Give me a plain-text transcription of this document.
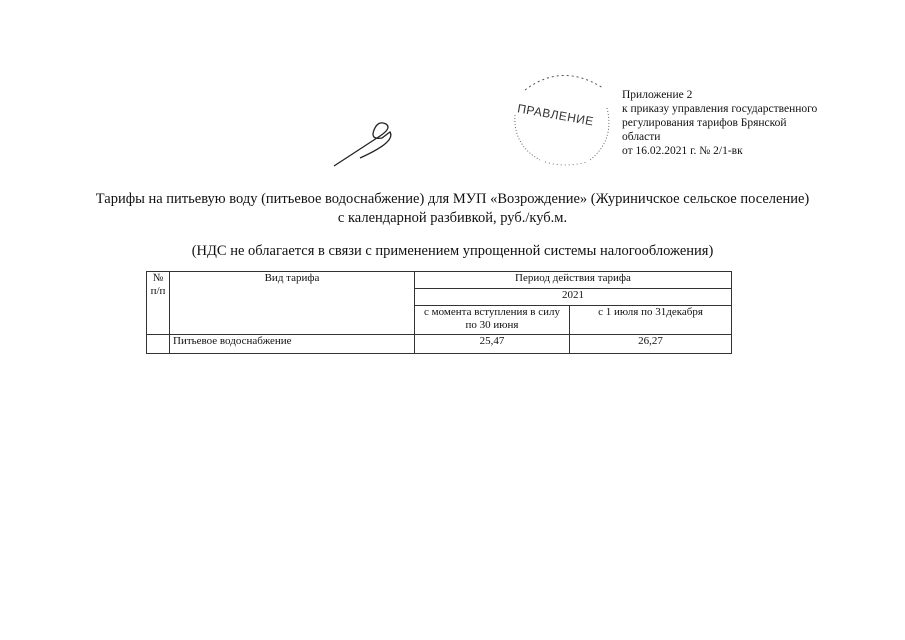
ПРАВЛЕНИЕ
Приложение 2
к приказу управления государственного
регулирования тарифов Брянской
области
от 16.02.2021 г. № 2/1-вк
Тарифы на питьевую воду (питьевое водоснабжение) для МУП «Возрождение» (Журиничское сельское поселение)
с календарной разбивкой, руб./куб.м.
(НДС не облагается в связи с применением упрощенной системы налогообложения)
№ п/п	Вид тарифа	Период действия тарифа	
		2021	
		с момента вступления в силу по 30 июня	с 1 июля по 31декабря
	Питьевое водоснабжение	25,47	26,27
